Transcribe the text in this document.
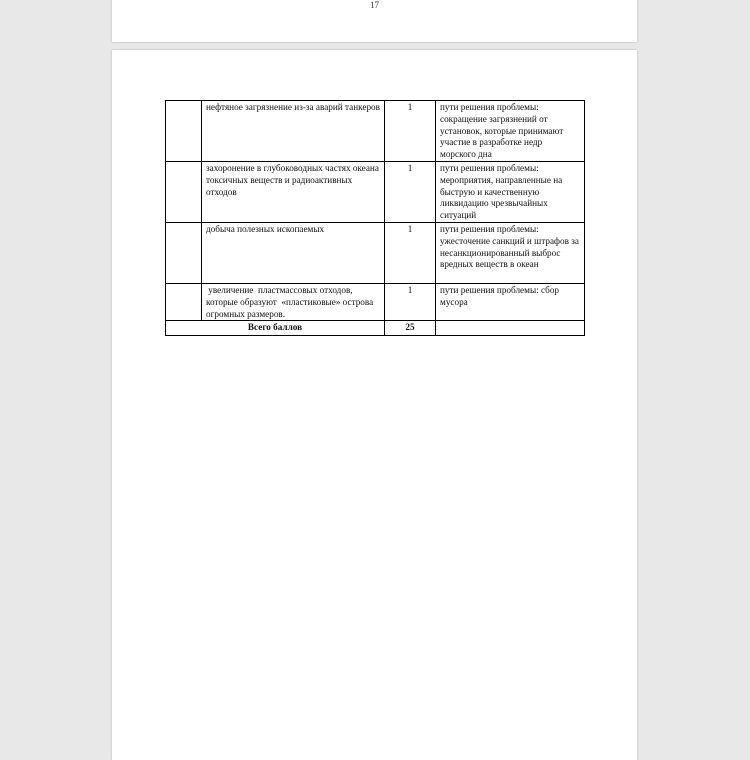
17
	нефтяное загрязнение из-за аварий танкеров	1	пути решения проблемы: сокращение загрязнений от установок, которые принимают участие в разработке недр морского дна
	захоронение в глубоководных частях океана токсичных веществ и радиоактивных отходов	1	пути решения проблемы: мероприятия, направленные на быструю и качественную ликвидацию чрезвычайных ситуаций
	добыча полезных ископаемых	1	пути решения проблемы: ужесточение санкций и штрафов за несанкционированный выброс вредных веществ в океан
	увеличение  пластмассовых отходов, которые образуют  «пластиковые» острова огромных размеров.	1	пути решения проблемы: сбор мусора
Всего баллов		25	
